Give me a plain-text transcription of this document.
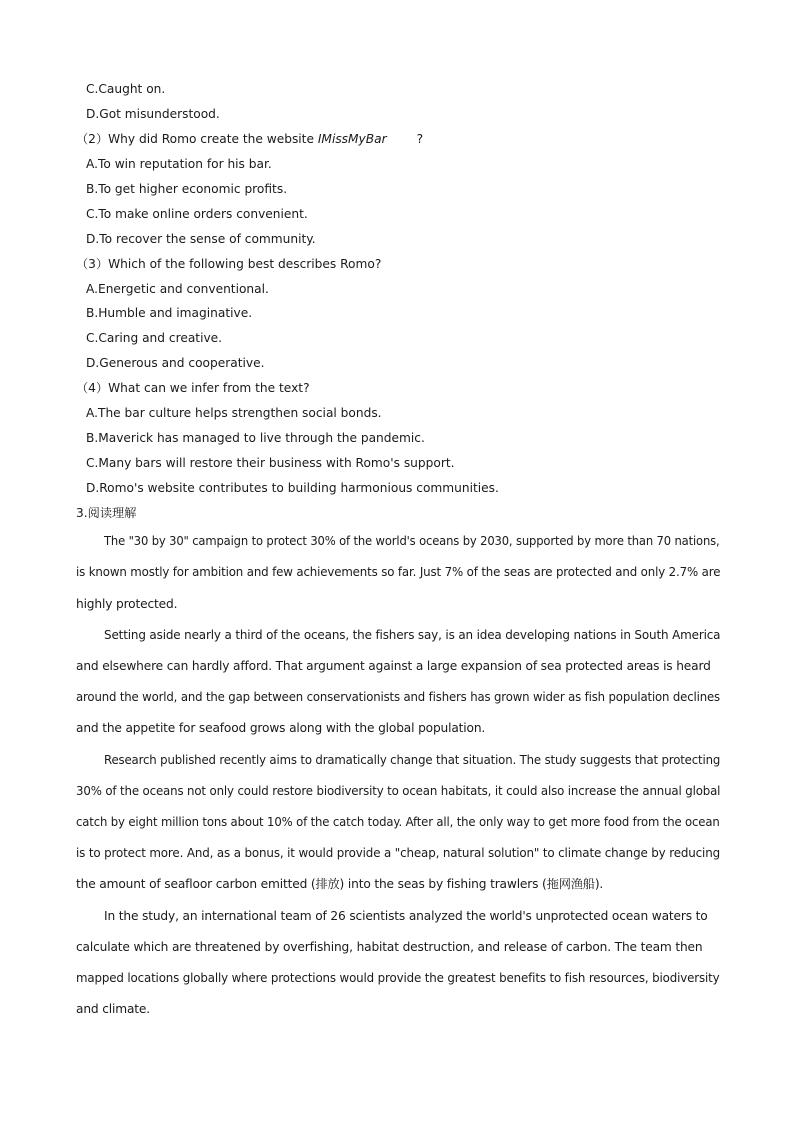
C.Caught on.
D.Got misunderstood.
（2）Why did Romo create the website IMissMyBar ?
A.To win reputation for his bar.
B.To get higher economic profits.
C.To make online orders convenient.
D.To recover the sense of community.
（3）Which of the following best describes Romo?
A.Energetic and conventional.
B.Humble and imaginative.
C.Caring and creative.
D.Generous and cooperative.
（4）What can we infer from the text?
A.The bar culture helps strengthen social bonds.
B.Maverick has managed to live through the pandemic.
C.Many bars will restore their business with Romo's support.
D.Romo's website contributes to building harmonious communities.
3.阅读理解
The "30 by 30" campaign to protect 30% of the world's oceans by 2030, supported by more than 70 nations,
is known mostly for ambition and few achievements so far. Just 7% of the seas are protected and only 2.7% are
highly protected.
Setting aside nearly a third of the oceans, the fishers say, is an idea developing nations in South America
and elsewhere can hardly afford. That argument against a large expansion of sea protected areas is heard
around the world, and the gap between conservationists and fishers has grown wider as fish population declines
and the appetite for seafood grows along with the global population.
Research published recently aims to dramatically change that situation. The study suggests that protecting
30% of the oceans not only could restore biodiversity to ocean habitats, it could also increase the annual global
catch by eight million tons about 10% of the catch today. After all, the only way to get more food from the ocean
is to protect more. And, as a bonus, it would provide a "cheap, natural solution" to climate change by reducing
the amount of seafloor carbon emitted (排放) into the seas by fishing trawlers (拖网渔船).
In the study, an international team of 26 scientists analyzed the world's unprotected ocean waters to
calculate which are threatened by overfishing, habitat destruction, and release of carbon. The team then
mapped locations globally where protections would provide the greatest benefits to fish resources, biodiversity
and climate.
